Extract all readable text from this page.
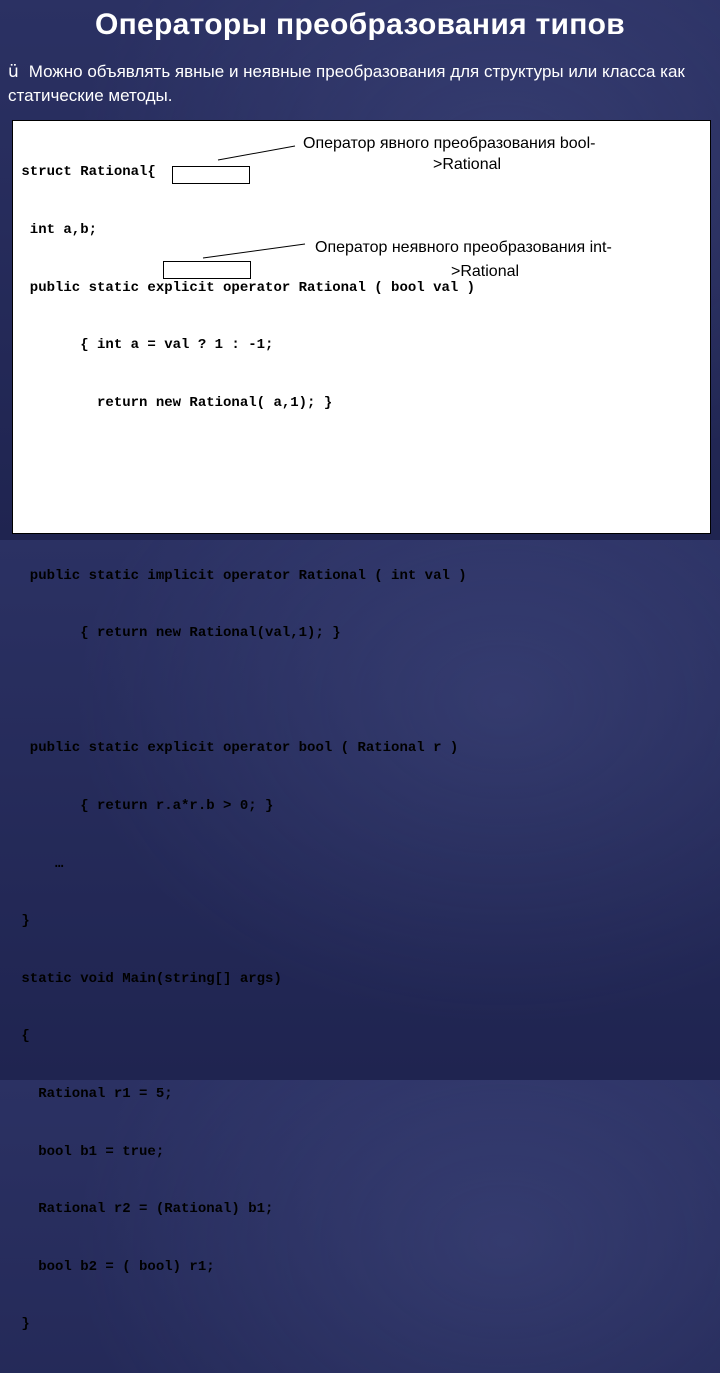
Операторы преобразования типов
ü Можно объявлять явные и неявные преобразования для структуры или класса как статические методы.

struct Rational{

int a,b;

public static explicit operator Rational ( bool val )

{ int a = val ? 1 : -1;

return new Rational( a,1); }

public static implicit operator Rational ( int val )

{ return new Rational(val,1); }

public static explicit operator bool ( Rational r )

{ return r.a*r.b > 0; }

…

}

static void Main(string[] args)

{

Rational r1 = 5;

bool b1 = true;

Rational r2 = (Rational) b1;

bool b2 = ( bool) r1;

}

Оператор явного преобразования bool-
>Rational
Оператор неявного преобразования int-
>Rational
